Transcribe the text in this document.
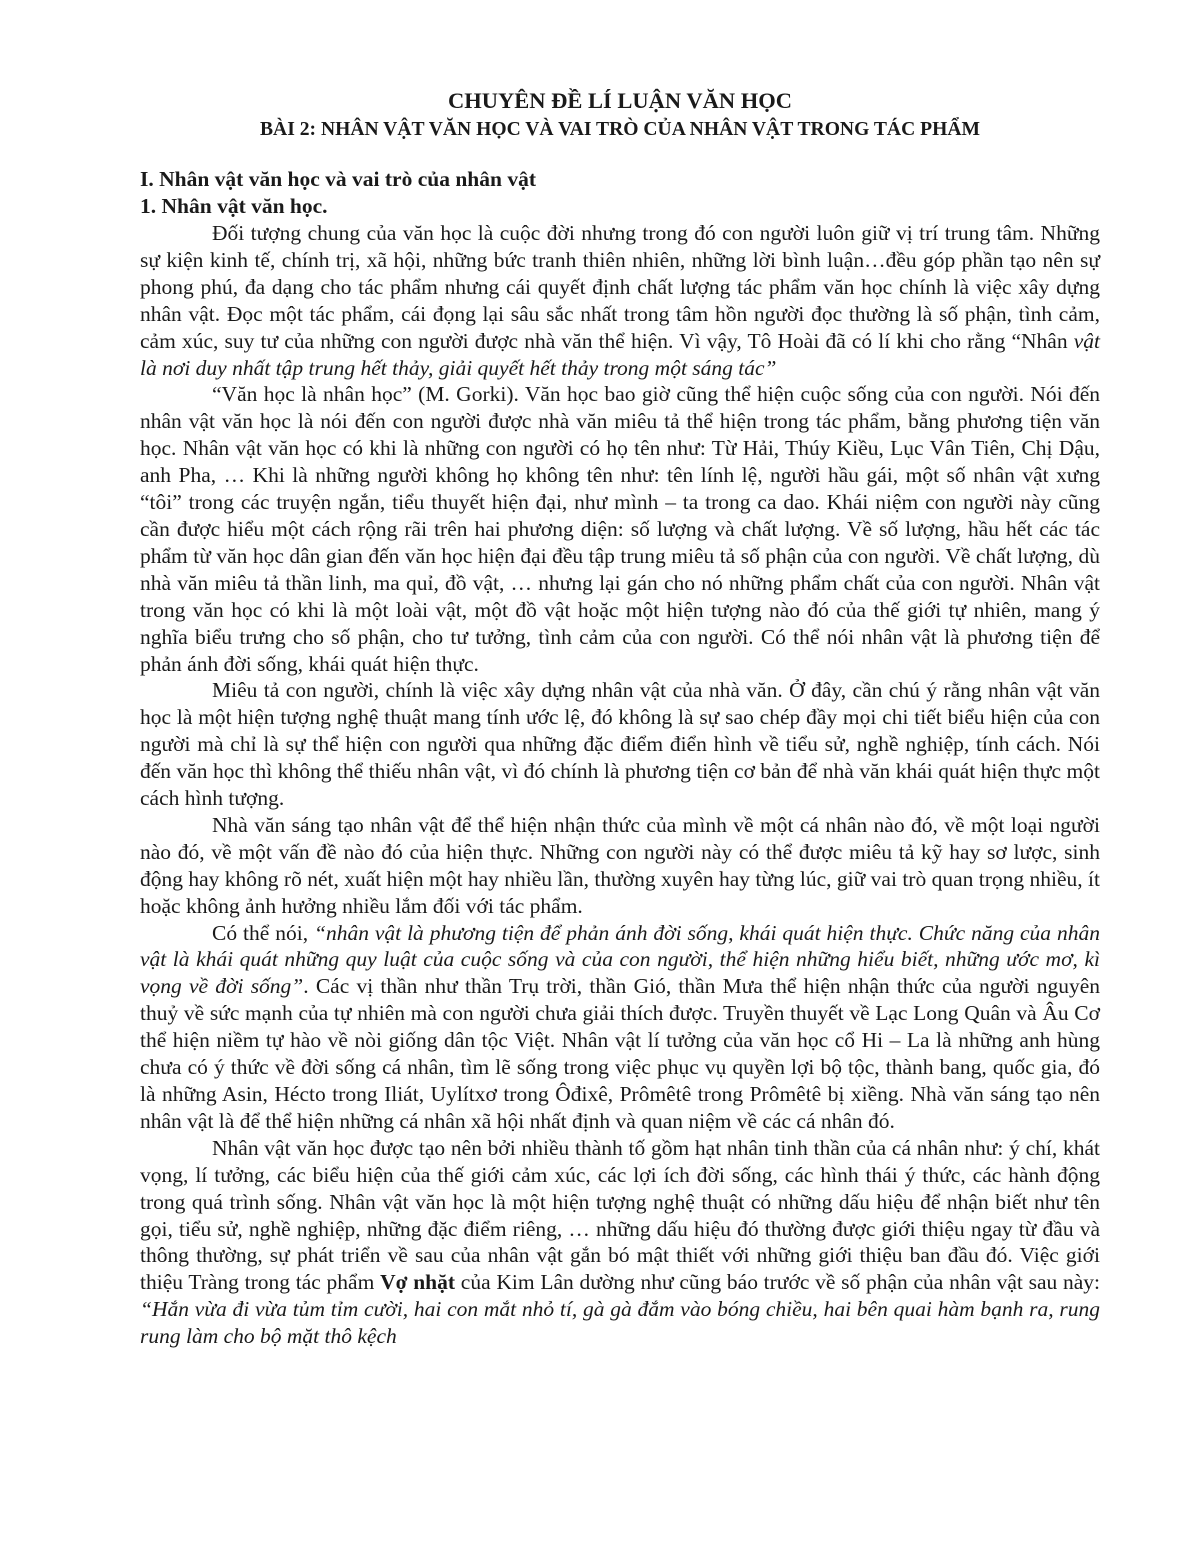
CHUYÊN ĐỀ LÍ LUẬN VĂN HỌC
BÀI 2: NHÂN VẬT VĂN HỌC VÀ VAI TRÒ CỦA NHÂN VẬT TRONG TÁC PHẨM
I. Nhân vật văn học và vai trò của nhân vật
1. Nhân vật văn học.

Đối tượng chung của văn học là cuộc đời nhưng trong đó con người luôn giữ vị trí trung tâm. Những sự kiện kinh tế, chính trị, xã hội, những bức tranh thiên nhiên, những lời bình luận…đều góp phần tạo nên sự phong phú, đa dạng cho tác phẩm nhưng cái quyết định chất lượng tác phẩm văn học chính là việc xây dựng nhân vật. Đọc một tác phẩm, cái đọng lại sâu sắc nhất trong tâm hồn người đọc thường là số phận, tình cảm, cảm xúc, suy tư của những con người được nhà văn thể hiện. Vì vậy, Tô Hoài đã có lí khi cho rằng “Nhân vật là nơi duy nhất tập trung hết thảy, giải quyết hết thảy trong một sáng tác”

“Văn học là nhân học” (M. Gorki). Văn học bao giờ cũng thể hiện cuộc sống của con người. Nói đến nhân vật văn học là nói đến con người được nhà văn miêu tả thể hiện trong tác phẩm, bằng phương tiện văn học. Nhân vật văn học có khi là những con người có họ tên như: Từ Hải, Thúy Kiều, Lục Vân Tiên, Chị Dậu, anh Pha, … Khi là những người không họ không tên như: tên lính lệ, người hầu gái, một số nhân vật xưng “tôi” trong các truyện ngắn, tiểu thuyết hiện đại, như mình – ta trong ca dao. Khái niệm con người này cũng cần được hiểu một cách rộng rãi trên hai phương diện: số lượng và chất lượng. Về số lượng, hầu hết các tác phẩm từ văn học dân gian đến văn học hiện đại đều tập trung miêu tả số phận của con người. Về chất lượng, dù nhà văn miêu tả thần linh, ma quỉ, đồ vật, … nhưng lại gán cho nó những phẩm chất của con người. Nhân vật trong văn học có khi là một loài vật, một đồ vật hoặc một hiện tượng nào đó của thế giới tự nhiên, mang ý nghĩa biểu trưng cho số phận, cho tư tưởng, tình cảm của con người. Có thể nói nhân vật là phương tiện để phản ánh đời sống, khái quát hiện thực.

Miêu tả con người, chính là việc xây dựng nhân vật của nhà văn. Ở đây, cần chú ý rằng nhân vật văn học là một hiện tượng nghệ thuật mang tính ước lệ, đó không là sự sao chép đầy mọi chi tiết biểu hiện của con người mà chỉ là sự thể hiện con người qua những đặc điểm điển hình về tiểu sử, nghề nghiệp, tính cách. Nói đến văn học thì không thể thiếu nhân vật, vì đó chính là phương tiện cơ bản để nhà văn khái quát hiện thực một cách hình tượng.

Nhà văn sáng tạo nhân vật để thể hiện nhận thức của mình về một cá nhân nào đó, về một loại người nào đó, về một vấn đề nào đó của hiện thực. Những con người này có thể được miêu tả kỹ hay sơ lược, sinh động hay không rõ nét, xuất hiện một hay nhiều lần, thường xuyên hay từng lúc, giữ vai trò quan trọng nhiều, ít hoặc không ảnh hưởng nhiều lắm đối với tác phẩm.

Có thể nói, “nhân vật là phương tiện để phản ánh đời sống, khái quát hiện thực. Chức năng của nhân vật là khái quát những quy luật của cuộc sống và của con người, thể hiện những hiểu biết, những ước mơ, kì vọng về đời sống”. Các vị thần như thần Trụ trời, thần Gió, thần Mưa thể hiện nhận thức của người nguyên thuỷ về sức mạnh của tự nhiên mà con người chưa giải thích được. Truyền thuyết về Lạc Long Quân và Âu Cơ thể hiện niềm tự hào về nòi giống dân tộc Việt. Nhân vật lí tưởng của văn học cổ Hi – La là những anh hùng chưa có ý thức về đời sống cá nhân, tìm lẽ sống trong việc phục vụ quyền lợi bộ tộc, thành bang, quốc gia, đó là những Asin, Hécto trong Iliát, Uylítxơ trong Ôđixê, Prômêtê trong Prômêtê bị xiềng. Nhà văn sáng tạo nên nhân vật là để thể hiện những cá nhân xã hội nhất định và quan niệm về các cá nhân đó.

Nhân vật văn học được tạo nên bởi nhiều thành tố gồm hạt nhân tinh thần của cá nhân như: ý chí, khát vọng, lí tưởng, các biểu hiện của thế giới cảm xúc, các lợi ích đời sống, các hình thái ý thức, các hành động trong quá trình sống. Nhân vật văn học là một hiện tượng nghệ thuật có những dấu hiệu để nhận biết như tên gọi, tiểu sử, nghề nghiệp, những đặc điểm riêng, … những dấu hiệu đó thường được giới thiệu ngay từ đầu và thông thường, sự phát triển về sau của nhân vật gắn bó mật thiết với những giới thiệu ban đầu đó. Việc giới thiệu Tràng trong tác phẩm Vợ nhặt của Kim Lân dường như cũng báo trước về số phận của nhân vật sau này: “Hắn vừa đi vừa tủm tỉm cười, hai con mắt nhỏ tí, gà gà đắm vào bóng chiều, hai bên quai hàm bạnh ra, rung rung làm cho bộ mặt thô kệch
